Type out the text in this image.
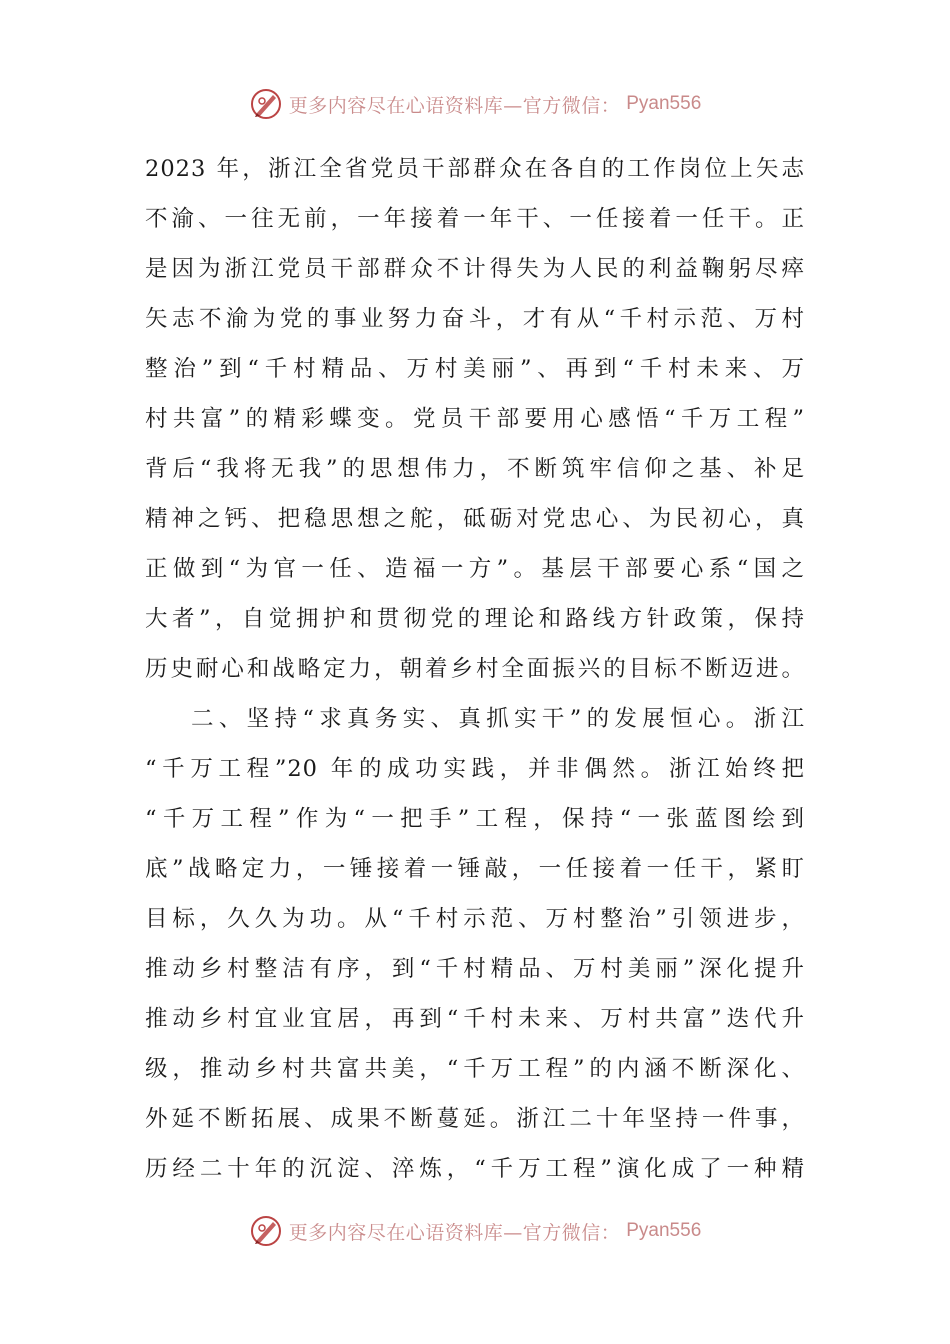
更多内容尽在心语资料库—官方微信： Pyan556
2023 年，浙江全省党员干部群众在各自的工作岗位上矢志
不渝、一往无前，一年接着一年干、一任接着一任干。正
是因为浙江党员干部群众不计得失为人民的利益鞠躬尽瘁
矢志不渝为党的事业努力奋斗，才有从“千村示范、万村
整治”到“千村精品、万村美丽”、再到“千村未来、万
村共富”的精彩蝶变。党员干部要用心感悟“千万工程”
背后“我将无我”的思想伟力，不断筑牢信仰之基、补足
精神之钙、把稳思想之舵，砥砺对党忠心、为民初心，真
正做到“为官一任、造福一方”。基层干部要心系“国之
大者”，自觉拥护和贯彻党的理论和路线方针政策，保持
历史耐心和战略定力，朝着乡村全面振兴的目标不断迈进。
二、坚持“求真务实、真抓实干”的发展恒心。浙江
“千万工程”20 年的成功实践，并非偶然。浙江始终把
“千万工程”作为“一把手”工程，保持“一张蓝图绘到
底”战略定力，一锤接着一锤敲，一任接着一任干，紧盯
目标，久久为功。从“千村示范、万村整治”引领进步，
推动乡村整洁有序，到“千村精品、万村美丽”深化提升
推动乡村宜业宜居，再到“千村未来、万村共富”迭代升
级，推动乡村共富共美，“千万工程”的内涵不断深化、
外延不断拓展、成果不断蔓延。浙江二十年坚持一件事，
历经二十年的沉淀、淬炼，“千万工程”演化成了一种精
更多内容尽在心语资料库—官方微信： Pyan556
